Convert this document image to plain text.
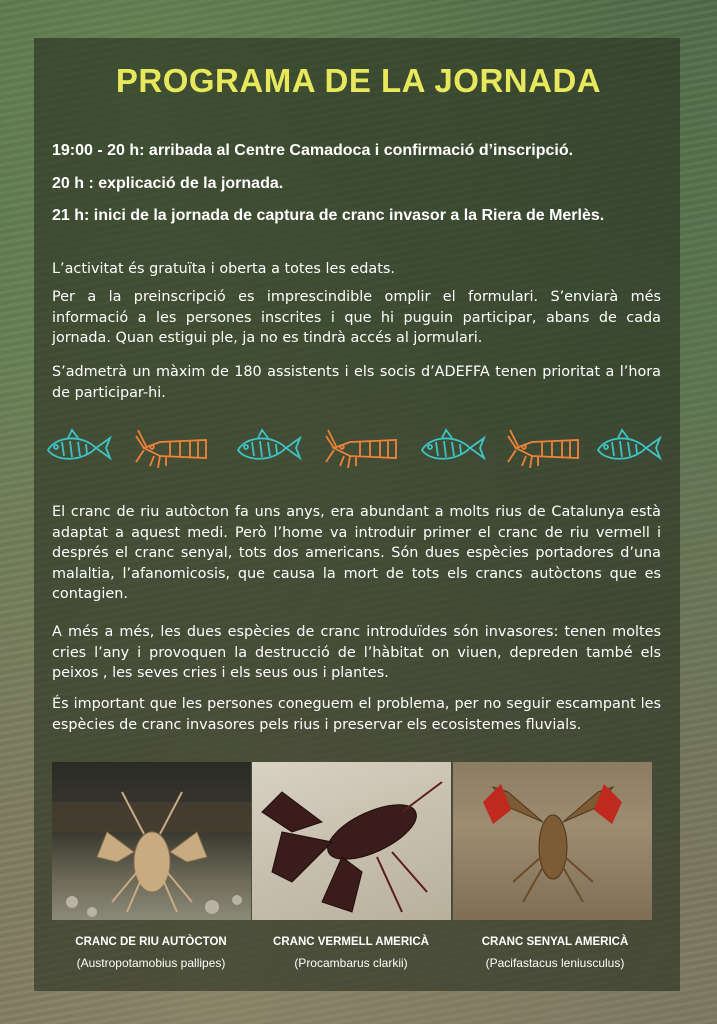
PROGRAMA DE LA JORNADA
19:00 - 20 h: arribada al Centre Camadoca i confirmació d’inscripció.
20 h : explicació de la jornada.
21 h: inici de la jornada de captura de cranc invasor a la Riera de Merlès.

L’activitat és gratuïta i oberta a totes les edats.

Per a la preinscripció es imprescindible omplir el formulari. S’enviarà més informació a les persones inscrites i que hi puguin participar, abans de cada jornada. Quan estigui ple, ja no es tindrà accés al jormulari.

S’admetrà un màxim de 180 assistents i els socis d’ADEFFA tenen prioritat a l’hora de participar-hi.

El cranc de riu autòcton fa uns anys, era abundant a molts rius de Catalunya està adaptat a aquest medi. Però l’home va introduir primer el cranc de riu vermell i després el cranc senyal, tots dos americans. Són dues espècies portadores d’una malaltia, l’afanomicosis, que causa la mort de tots els crancs autòctons que es contagien.

A més a més, les dues espècies de cranc introduïdes són invasores: tenen moltes cries l’any i provoquen la destrucció de l’hàbitat on viuen, depreden també els peixos , les seves cries i els seus ous i plantes.

És important que les persones coneguem el problema, per no seguir escampant les espècies de cranc invasores pels rius i preservar els ecosistemes fluvials.

CRANC DE RIU AUTÒCTON
(Austropotamobius pallipes)
CRANC VERMELL AMERICÀ
(Procambarus clarkii)
CRANC SENYAL AMERICÀ
(Pacifastacus leniusculus)
